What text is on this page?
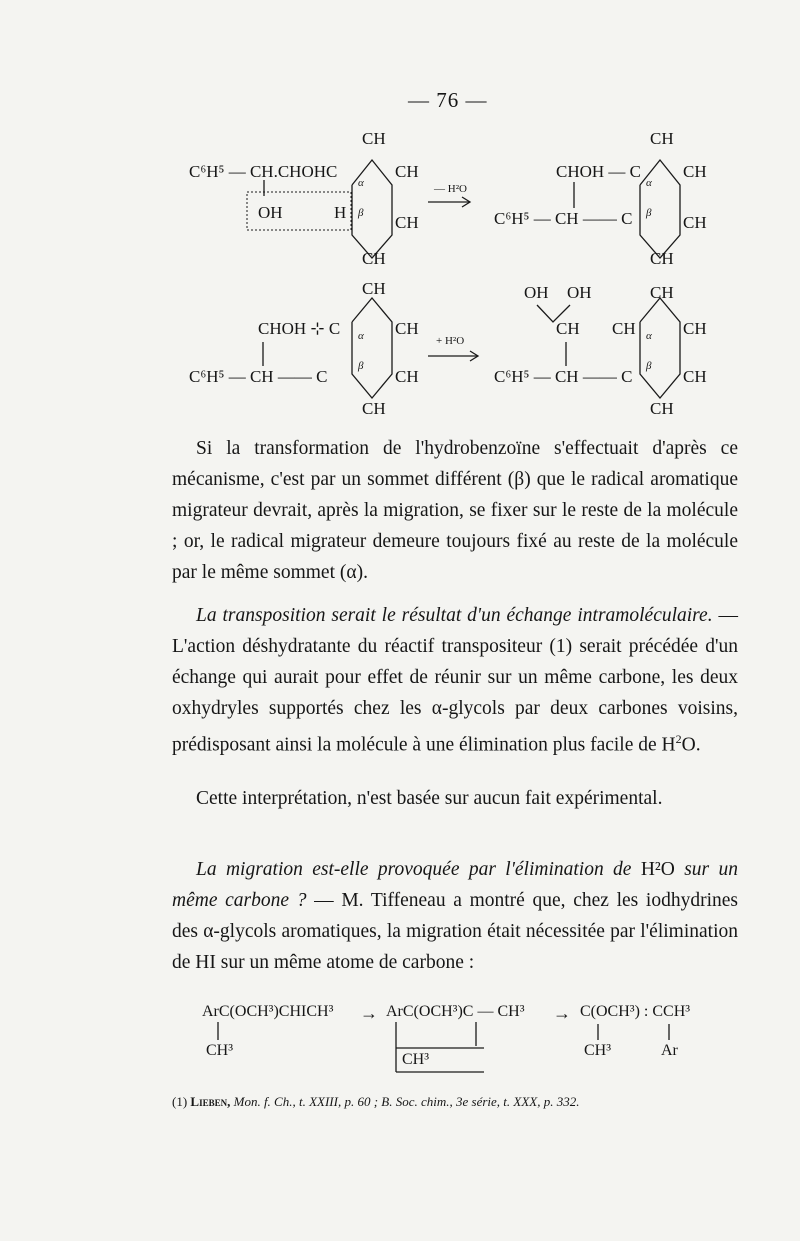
— 76 —
CH
C⁶H⁵ — CH.CHOHC	CH
OH	H
CH
CH
α
β
— H²O
CH
CHOH — C CH
C⁶H⁵ — CH —— C	CH
CH
α
β
CH
CHOH ⊹ C	CH
C⁶H⁵ — CH —— C	CH
CH
α
β
+ H²O
OH OH	CH
CH CH	CH
C⁶H⁵ — CH —— C	CH
CH
α
β

Si la transformation de l'hydrobenzoïne s'effectuait d'après ce mécanisme, c'est par un sommet différent (β) que le radical aromatique migrateur devrait, après la migration, se fixer sur le reste de la molécule ; or, le radical migrateur demeure toujours fixé au reste de la molécule par le même sommet (α).

La transposition serait le résultat d'un échange intramoléculaire. — L'action déshydratante du réactif transpositeur (1) serait précédée d'un échange qui aurait pour effet de réunir sur un même carbone, les deux oxhydryles supportés chez les α-glycols par deux carbones voisins, prédisposant ainsi la molécule à une élimination plus facile de $H^2O$.

Cette interprétation, n'est basée sur aucun fait expérimental.

La migration est-elle provoquée par l'élimination de H²O sur un même carbone ? — M. Tiffeneau a montré que, chez les iodhydrines des α-glycols aromatiques, la migration était nécessitée par l'élimination de HI sur un même atome de carbone :

ArC(OCH³)CHICH³
CH³
→ ArC(OCH³)C — CH³
CH³
→ C(OCH³) : CCH³
CH³	Ar
(1) Lieben, Mon. f. Ch., t. XXIII, p. 60 ; B. Soc. chim., 3e série, t. XXX, p. 332.
